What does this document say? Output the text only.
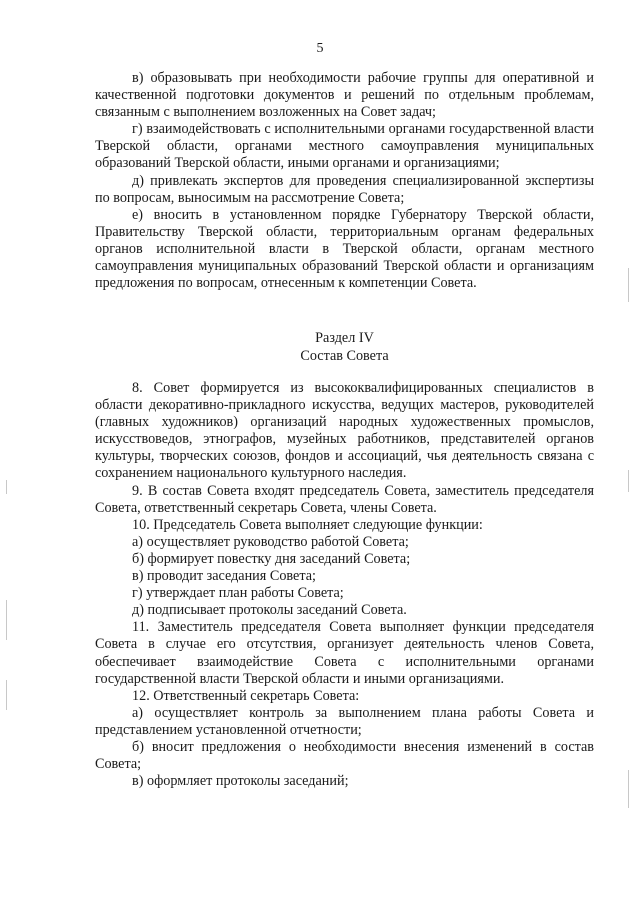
5

в) образовывать при необходимости рабочие группы для оперативной и качественной подготовки документов и решений по отдельным проблемам, связанным с выполнением возложенных на Совет задач;

г) взаимодействовать с исполнительными органами государственной власти Тверской области, органами местного самоуправления муниципальных образований Тверской области, иными органами и организациями;

д) привлекать экспертов для проведения специализированной экспертизы по вопросам, выносимым на рассмотрение Совета;

е) вносить в установленном порядке Губернатору Тверской области, Правительству Тверской области, территориальным органам федеральных органов исполнительной власти в Тверской области, органам местного самоуправления муниципальных образований Тверской области и организациям предложения по вопросам, отнесенным к компетенции Совета.

Раздел IV
Состав Совета

8. Совет формируется из высококвалифицированных специалистов в области декоративно-прикладного искусства, ведущих мастеров, руководителей (главных художников) организаций народных художественных промыслов, искусствоведов, этнографов, музейных работников, представителей органов культуры, творческих союзов, фондов и ассоциаций, чья деятельность связана с сохранением национального культурного наследия.

9. В состав Совета входят председатель Совета, заместитель председателя Совета, ответственный секретарь Совета, члены Совета.

10. Председатель Совета выполняет следующие функции:

а) осуществляет руководство работой Совета;

б) формирует повестку дня заседаний Совета;

в) проводит заседания Совета;

г) утверждает план работы Совета;

д) подписывает протоколы заседаний Совета.

11. Заместитель председателя Совета выполняет функции председателя Совета в случае его отсутствия, организует деятельность членов Совета, обеспечивает взаимодействие Совета с исполнительными органами государственной власти Тверской области и иными организациями.

12. Ответственный секретарь Совета:

а) осуществляет контроль за выполнением плана работы Совета и представлением установленной отчетности;

б) вносит предложения о необходимости внесения изменений в состав Совета;

в) оформляет протоколы заседаний;
